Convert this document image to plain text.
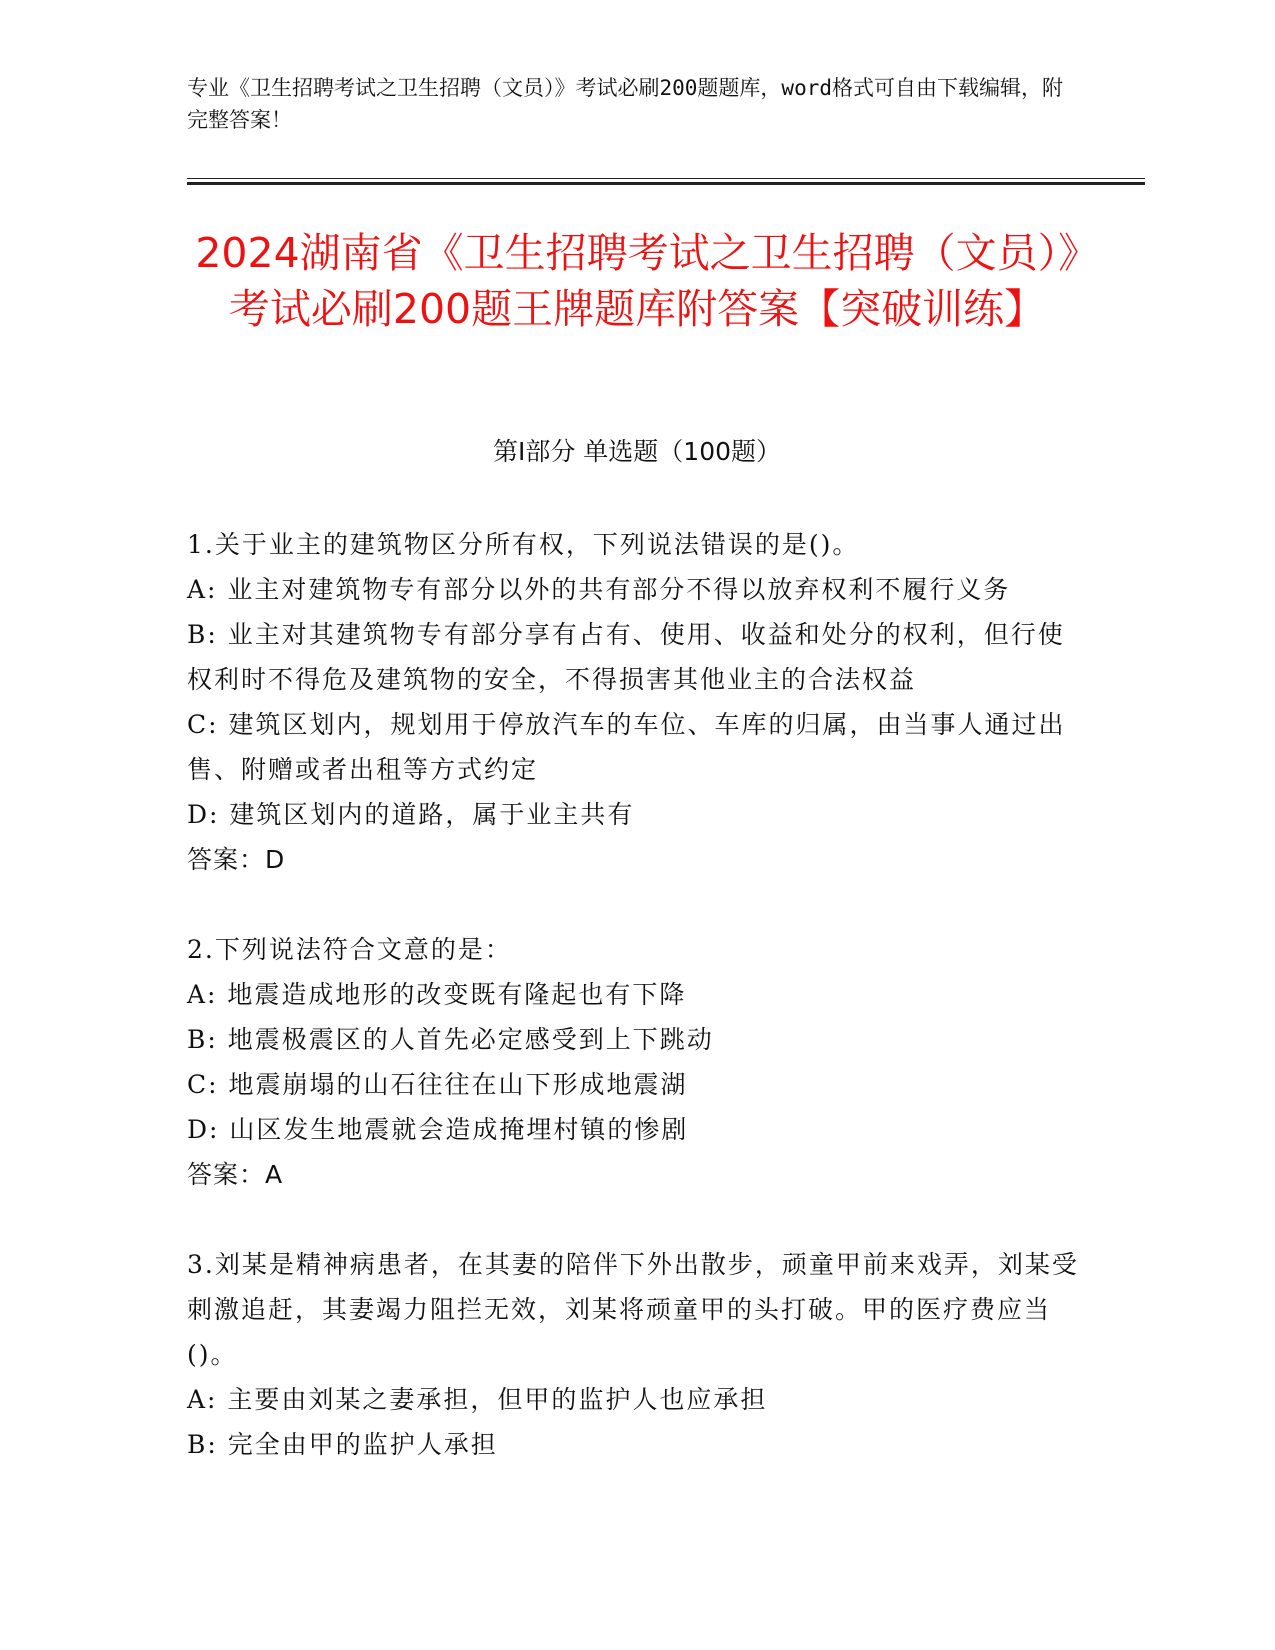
专业《卫生招聘考试之卫生招聘（文员）》考试必刷200题题库，word格式可自由下载编辑，附完整答案！

2024湖南省《卫生招聘考试之卫生招聘（文员）》考试必刷200题王牌题库附答案【突破训练】
第I部分 单选题（100题）

1.关于业主的建筑物区分所有权，下列说法错误的是()。

A: 业主对建筑物专有部分以外的共有部分不得以放弃权利不履行义务

B: 业主对其建筑物专有部分享有占有、使用、收益和处分的权利，但行使权利时不得危及建筑物的安全，不得损害其他业主的合法权益

C: 建筑区划内，规划用于停放汽车的车位、车库的归属，由当事人通过出售、附赠或者出租等方式约定

D: 建筑区划内的道路，属于业主共有

答案：D

2.下列说法符合文意的是：

A: 地震造成地形的改变既有隆起也有下降

B: 地震极震区的人首先必定感受到上下跳动

C: 地震崩塌的山石往往在山下形成地震湖

D: 山区发生地震就会造成掩埋村镇的惨剧

答案：A

3.刘某是精神病患者，在其妻的陪伴下外出散步，顽童甲前来戏弄，刘某受刺激追赶，其妻竭力阻拦无效，刘某将顽童甲的头打破。甲的医疗费应当()。

A: 主要由刘某之妻承担，但甲的监护人也应承担

B: 完全由甲的监护人承担
